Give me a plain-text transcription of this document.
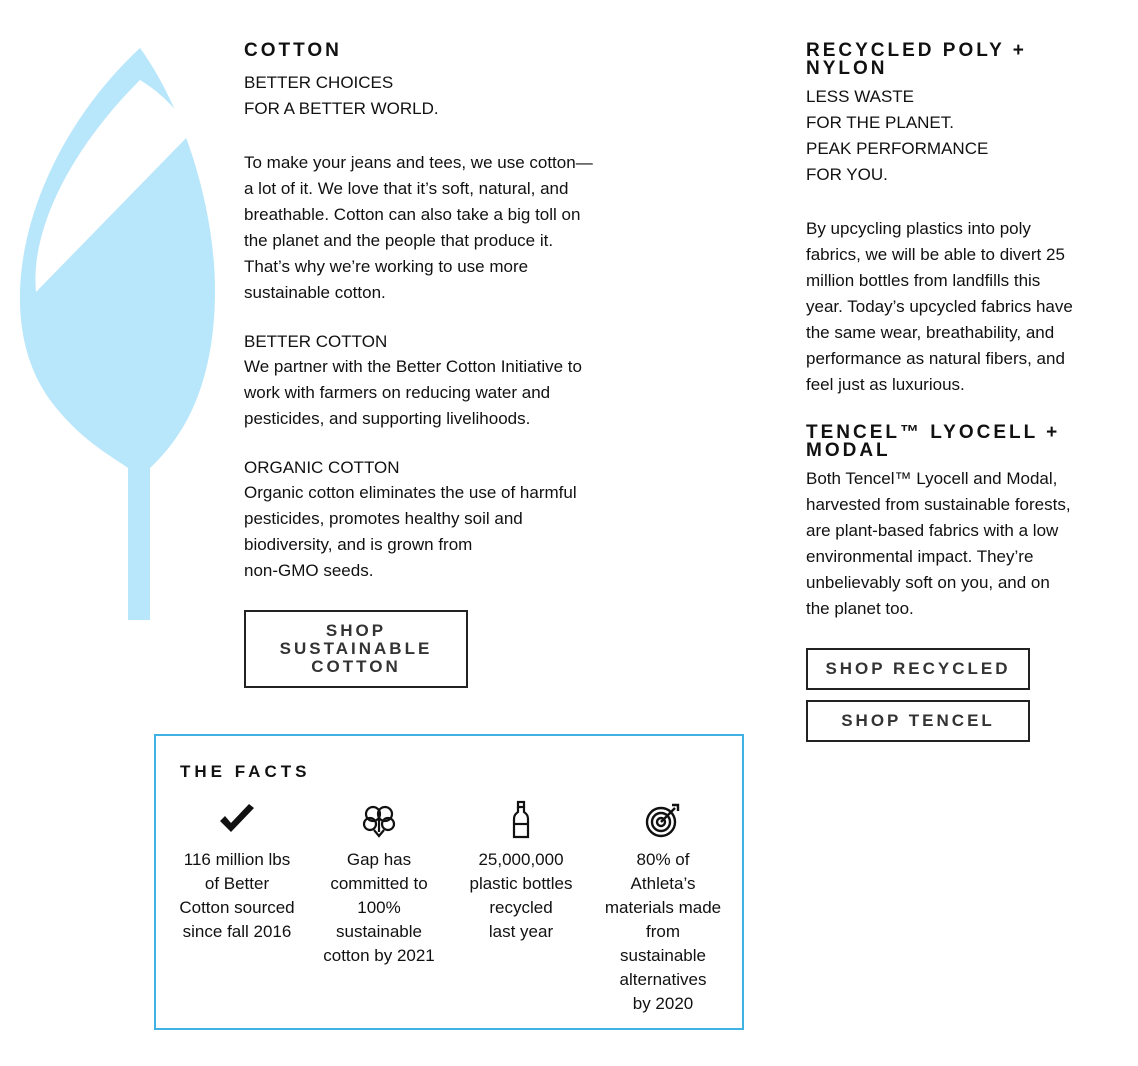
COTTON

BETTER CHOICES

FOR A BETTER WORLD.

To make your jeans and tees, we use cotton—

a lot of it. We love that it’s soft, natural, and

breathable. Cotton can also take a big toll on

the planet and the people that produce it.

That’s why we’re working to use more

sustainable cotton.

BETTER COTTON

We partner with the Better Cotton Initiative to

work with farmers on reducing water and

pesticides, and supporting livelihoods.

ORGANIC COTTON

Organic cotton eliminates the use of harmful

pesticides, promotes healthy soil and

biodiversity, and is grown from

non-GMO seeds.

SHOP
SUSTAINABLE
COTTON
RECYCLED POLY +
NYLON

LESS WASTE

FOR THE PLANET.

PEAK PERFORMANCE

FOR YOU.

By upcycling plastics into poly

fabrics, we will be able to divert 25

million bottles from landfills this

year. Today’s upcycled fabrics have

the same wear, breathability, and

performance as natural fibers, and

feel just as luxurious.

TENCEL™ LYOCELL +
MODAL

Both Tencel™ Lyocell and Modal,

harvested from sustainable forests,

are plant-based fabrics with a low

environmental impact. They’re

unbelievably soft on you, and on

the planet too.

SHOP RECYCLED
SHOP TENCEL
THE FACTS
116 million lbs
of Better
Cotton sourced
since fall 2016
Gap has
committed to
100%
sustainable
cotton by 2021
25,000,000
plastic bottles
recycled
last year
80% of
Athleta’s
materials made
from
sustainable
alternatives
by 2020
